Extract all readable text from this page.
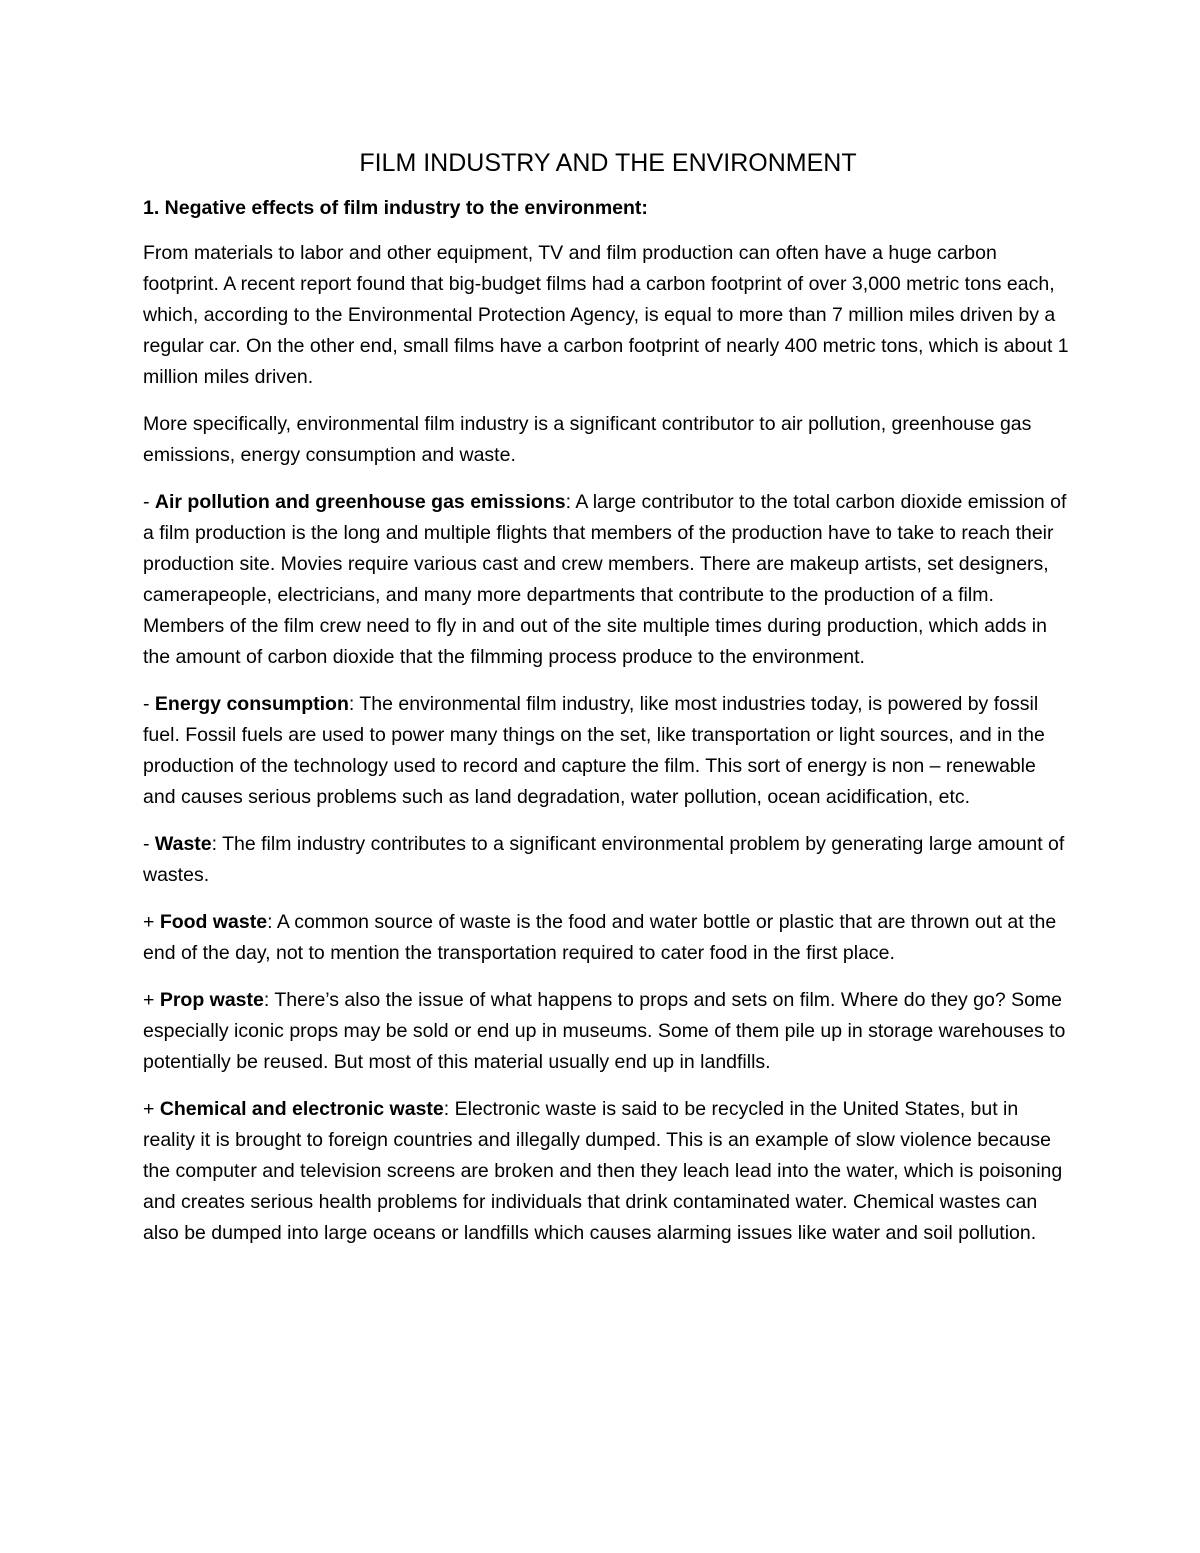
FILM INDUSTRY AND THE ENVIRONMENT

1. Negative effects of film industry to the environment:

From materials to labor and other equipment, TV and film production can often have a huge carbon footprint. A recent report found that big-budget films had a carbon footprint of over 3,000 metric tons each, which, according to the Environmental Protection Agency, is equal to more than 7 million miles driven by a regular car. On the other end, small films have a carbon footprint of nearly 400 metric tons, which is about 1 million miles driven.

More specifically, environmental film industry is a significant contributor to air pollution, greenhouse gas emissions, energy consumption and waste.

- Air pollution and greenhouse gas emissions: A large contributor to the total carbon dioxide emission of a film production is the long and multiple flights that members of the production have to take to reach their production site. Movies require various cast and crew members. There are makeup artists, set designers, camerapeople, electricians, and many more departments that contribute to the production of a film. Members of the film crew need to fly in and out of the site multiple times during production, which adds in the amount of carbon dioxide that the filmming process produce to the environment.

- Energy consumption: The environmental film industry, like most industries today, is powered by fossil fuel. Fossil fuels are used to power many things on the set, like transportation or light sources, and in the production of the technology used to record and capture the film. This sort of energy is non – renewable and causes serious problems such as land degradation, water pollution, ocean acidification, etc.

- Waste: The film industry contributes to a significant environmental problem by generating large amount of wastes.

+ Food waste: A common source of waste is the food and water bottle or plastic that are thrown out at the end of the day, not to mention the transportation required to cater food in the first place.

+ Prop waste: There’s also the issue of what happens to props and sets on film. Where do they go? Some especially iconic props may be sold or end up in museums. Some of them pile up in storage warehouses to potentially be reused. But most of this material usually end up in landfills.

+ Chemical and electronic waste: Electronic waste is said to be recycled in the United States, but in reality it is brought to foreign countries and illegally dumped. This is an example of slow violence because the computer and television screens are broken and then they leach lead into the water, which is poisoning and creates serious health problems for individuals that drink contaminated water. Chemical wastes can also be dumped into large oceans or landfills which causes alarming issues like water and soil pollution.
